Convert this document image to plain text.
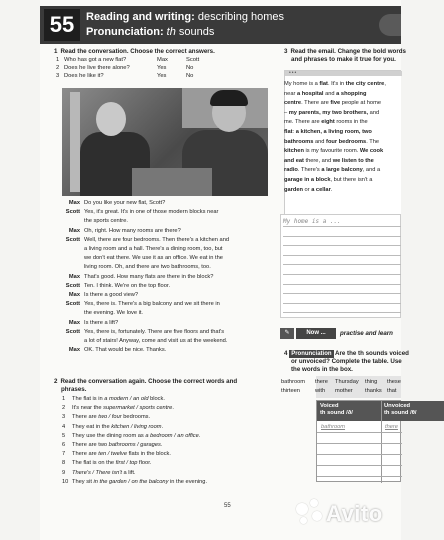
55	Reading and writing: describing homes
Pronunciation: th sounds
1 Read the conversation. Choose the correct answers.
1 Who has got a new flat?	Max	Scott
2 Does he live there alone?	Yes	No
3 Does he like it?	Yes	No
Max Do you like your new flat, Scott?
Scott Yes, it's great. It's in one of those modern blocks near
the sports centre.
Max Oh, right. How many rooms are there?
Scott Well, there are four bedrooms. Then there's a kitchen and
a living room and a hall. There's a dining room, too, but
we don't eat there. We use it as an office. We eat in the
living room. Oh, and there are two bathrooms, too.
Max That's good. How many flats are there in the block?
Scott Ten. I think. We're on the top floor.
Max Is there a good view?
Scott Yes, there is. There's a big balcony and we sit there in
the evening. We love it.
Max Is there a lift?
Scott Yes, there is, fortunately. There are five floors and that's
a lot of stairs! Anyway, come and visit us at the weekend.
Max OK. That would be nice. Thanks.
2 Read the conversation again. Choose the correct words and
phrases.
1 The flat is in a modern / an old block.
2 It's near the supermarket / sports centre.
3 There are two / four bedrooms.
4 They eat in the kitchen / living room.
5 They use the dining room as a bedroom / an office.
6 There are two bathrooms / garages.
7 There are ten / twelve flats in the block.
8 The flat is on the first / top floor.
9 There's / There isn't a lift.
10 They sit in the garden / on the balcony in the evening.
3 Read the email. Change the bold words
and phrases to make it true for you.
•••
My home is a flat. It's in the city centre,
near a hospital and a shopping
centre. There are five people at home
– my parents, my two brothers, and
me. There are eight rooms in the
flat: a kitchen, a living room, two
bathrooms and four bedrooms. The
kitchen is my favourite room. We cook
and eat there, and we listen to the
radio. There's a large balcony, and a
garage in a block, but there isn't a
garden or a cellar.
My home is a ...
✎	Now ...	practise and learn
4 Pronunciation Are the th sounds voiced
or unvoiced? Complete the table. Use
the words in the box.
bathroom there Thursday thing these
thirteen	with mother thanks that
Voiced
th sound /ð/
Unvoiced
th sound /θ/
bathroom	there
55	Avito
